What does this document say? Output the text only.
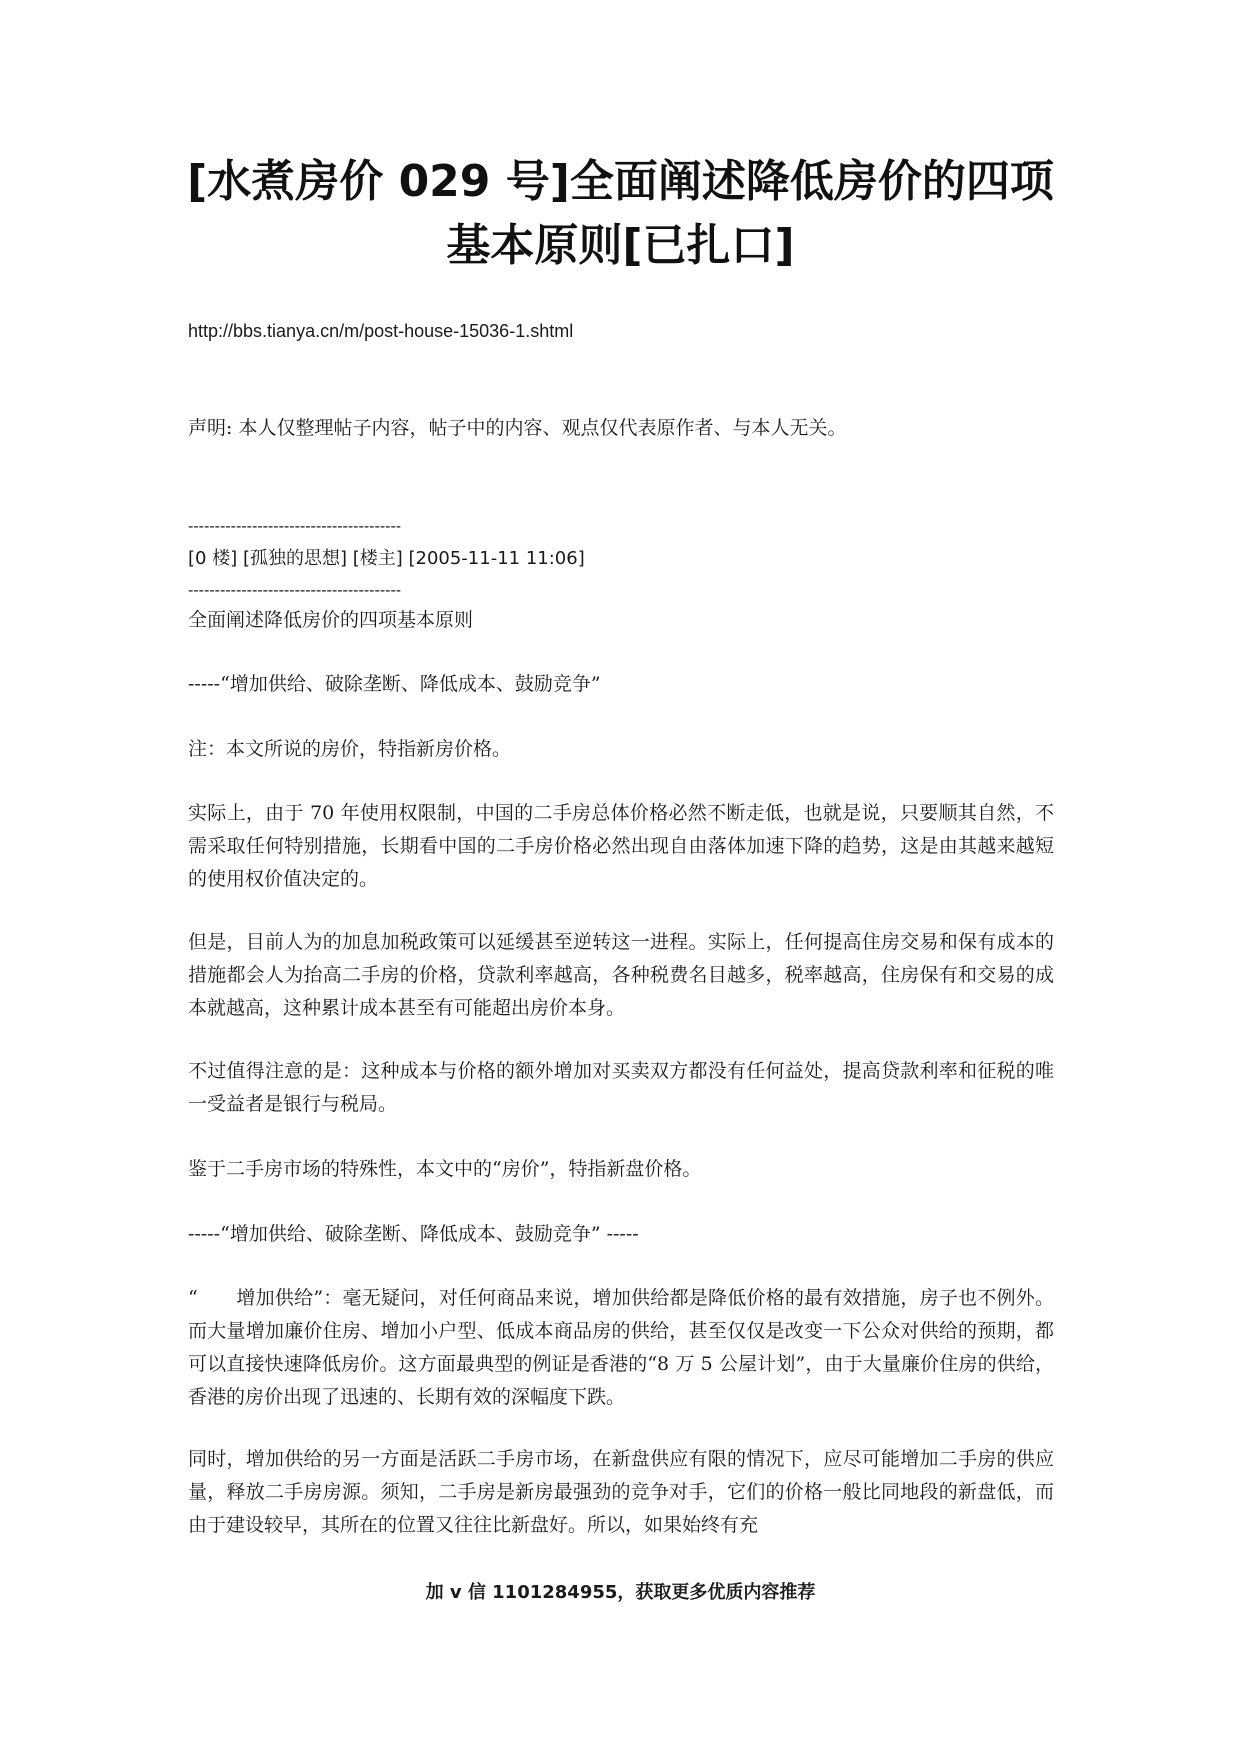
[水煮房价 029 号]全面阐述降低房价的四项
基本原则[已扎口]
http://bbs.tianya.cn/m/post-house-15036-1.shtml

声明: 本人仅整理帖子内容，帖子中的内容、观点仅代表原作者、与本人无关。

----------------------------------------

[0 楼] [孤独的思想] [楼主] [2005-11-11 11:06]

----------------------------------------

全面阐述降低房价的四项基本原则

-----“增加供给、破除垄断、降低成本、鼓励竞争”

注：本文所说的房价，特指新房价格。

实际上，由于 70 年使用权限制，中国的二手房总体价格必然不断走低，也就是说，只要顺其自然，不需采取任何特别措施，长期看中国的二手房价格必然出现自由落体加速下降的趋势，这是由其越来越短的使用权价值决定的。

但是，目前人为的加息加税政策可以延缓甚至逆转这一进程。实际上，任何提高住房交易和保有成本的措施都会人为抬高二手房的价格，贷款利率越高，各种税费名目越多，税率越高，住房保有和交易的成本就越高，这种累计成本甚至有可能超出房价本身。

不过值得注意的是：这种成本与价格的额外增加对买卖双方都没有任何益处，提高贷款利率和征税的唯一受益者是银行与税局。

鉴于二手房市场的特殊性，本文中的“房价”，特指新盘价格。

-----“增加供给、破除垄断、降低成本、鼓励竞争” -----

“　　增加供给”：毫无疑问，对任何商品来说，增加供给都是降低价格的最有效措施，房子也不例外。而大量增加廉价住房、增加小户型、低成本商品房的供给，甚至仅仅是改变一下公众对供给的预期，都可以直接快速降低房价。这方面最典型的例证是香港的“8 万 5 公屋计划”，由于大量廉价住房的供给，香港的房价出现了迅速的、长期有效的深幅度下跌。

同时，增加供给的另一方面是活跃二手房市场，在新盘供应有限的情况下，应尽可能增加二手房的供应量，释放二手房房源。须知，二手房是新房最强劲的竞争对手，它们的价格一般比同地段的新盘低，而由于建设较早，其所在的位置又往往比新盘好。所以，如果始终有充

加 v 信 1101284955，获取更多优质内容推荐
